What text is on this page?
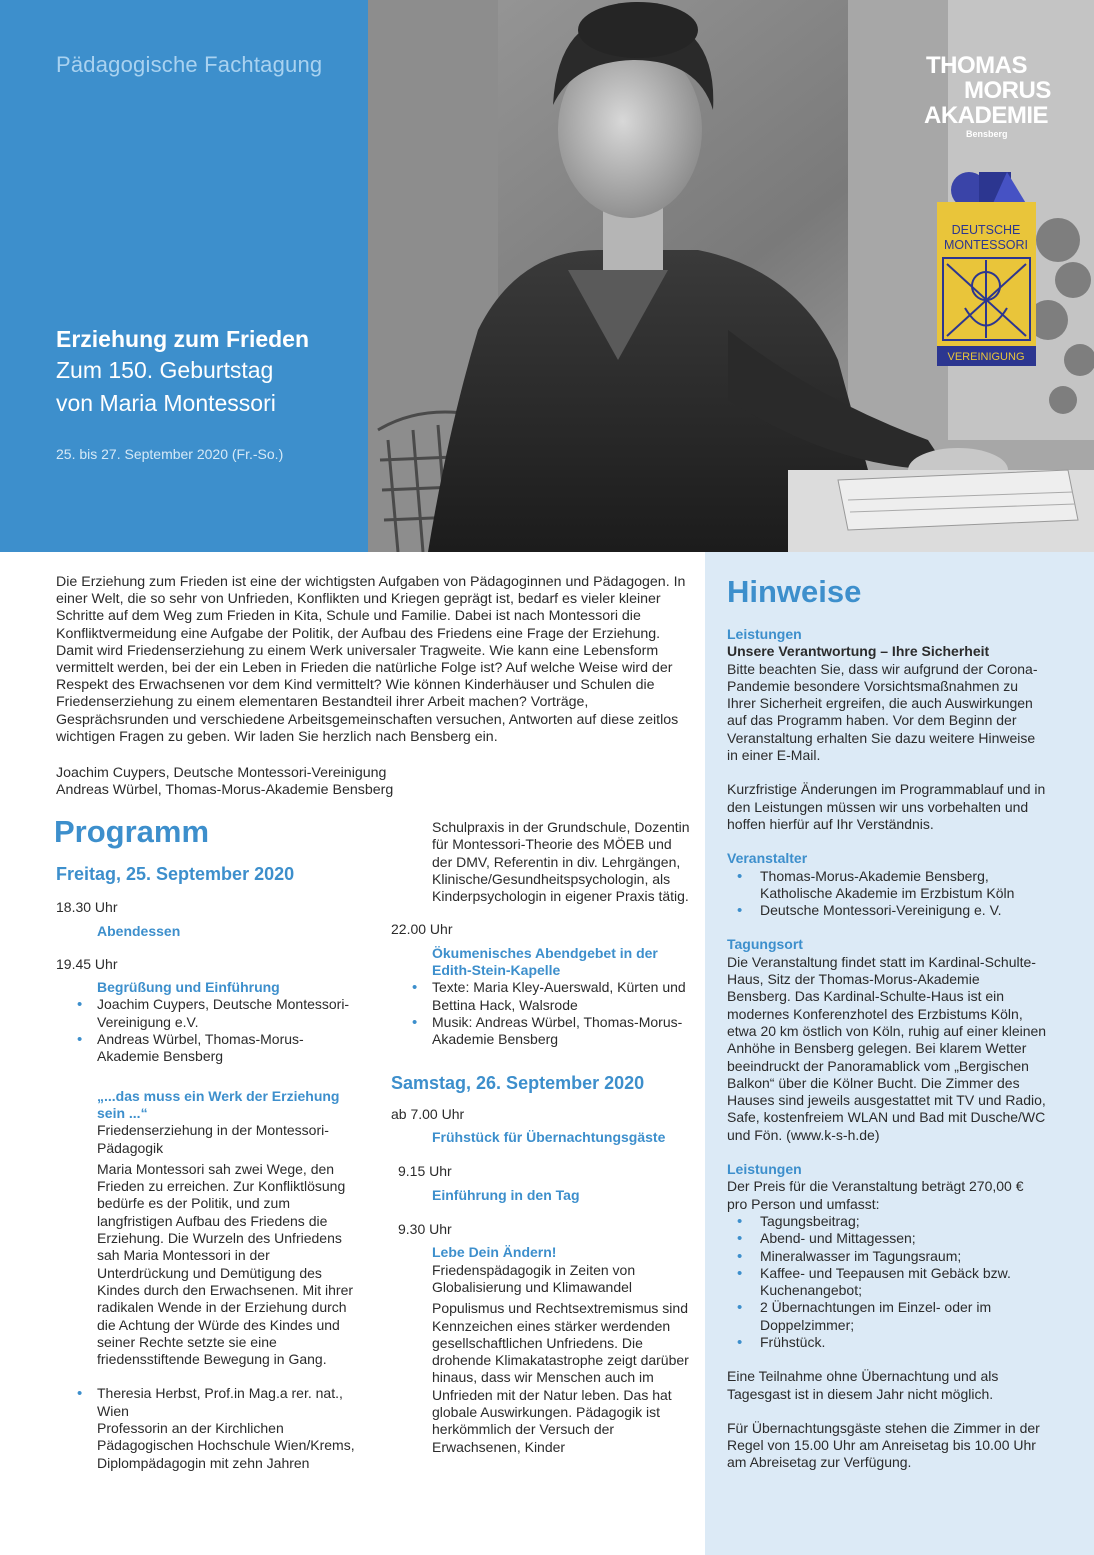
Pädagogische Fachtagung
Erziehung zum Frieden
Zum 150. Geburtstag
von Maria Montessori
25. bis 27. September 2020 (Fr.-So.)
THOMAS
MORUS
AKADEMIE
Bensberg
DEUTSCHE
MONTESSORI
VEREINIGUNG
Die Erziehung zum Frieden ist eine der wichtigsten Aufgaben von Pädagoginnen und Pädagogen. In einer Welt, die so sehr von Unfrieden, Konflikten und Kriegen geprägt ist, bedarf es vieler kleiner Schritte auf dem Weg zum Frieden in Kita, Schule und Familie. Dabei ist nach Montessori die Konfliktvermeidung eine Aufgabe der Politik, der Aufbau des Friedens eine Frage der Erziehung. Damit wird Friedenserziehung zu einem Werk universaler Tragweite. Wie kann eine Lebensform vermittelt werden, bei der ein Leben in Frieden die natürliche Folge ist? Auf welche Weise wird der Respekt des Erwachsenen vor dem Kind vermittelt? Wie können Kinderhäuser und Schulen die Friedenserziehung zu einem elementaren Bestandteil ihrer Arbeit machen? Vorträge, Gesprächsrunden und verschiedene Arbeitsgemeinschaften versuchen, Antworten auf diese zeitlos wichtigen Fragen zu geben. Wir laden Sie herzlich nach Bensberg ein.
Joachim Cuypers, Deutsche Montessori-Vereinigung
Andreas Würbel, Thomas-Morus-Akademie Bensberg
Programm
Freitag, 25. September 2020
18.30 Uhr
Abendessen
19.45 Uhr
Begrüßung und Einführung
• Joachim Cuypers, Deutsche Montessori-Vereinigung e.V.
• Andreas Würbel, Thomas-Morus-Akademie Bensberg
„...das muss ein Werk der Erziehung sein ...“
Friedenserziehung in der Montessori-Pädagogik
Maria Montessori sah zwei Wege, den Frieden zu erreichen. Zur Konfliktlösung bedürfe es der Politik, und zum langfristigen Aufbau des Friedens die Erziehung. Die Wurzeln des Unfriedens sah Maria Montessori in der Unterdrückung und Demütigung des Kindes durch den Erwachsenen. Mit ihrer radikalen Wende in der Erziehung durch die Achtung der Würde des Kindes und seiner Rechte setzte sie eine friedensstiftende Bewegung in Gang.
• Theresia Herbst, Prof.in Mag.a rer. nat., Wien
Professorin an der Kirchlichen Pädagogischen Hochschule Wien/Krems, Diplompädagogin mit zehn Jahren
Schulpraxis in der Grundschule, Dozentin für Montessori-Theorie des MÖEB und der DMV, Referentin in div. Lehrgängen, Klinische/Gesundheitspsychologin, als Kinderpsychologin in eigener Praxis tätig.
22.00 Uhr
Ökumenisches Abendgebet in der Edith-Stein-Kapelle
• Texte: Maria Kley-Auerswald, Kürten und Bettina Hack, Walsrode
• Musik: Andreas Würbel, Thomas-Morus-Akademie Bensberg
Samstag, 26. September 2020
ab 7.00 Uhr
Frühstück für Übernachtungsgäste
9.15 Uhr
Einführung in den Tag
9.30 Uhr
Lebe Dein Ändern!
Friedenspädagogik in Zeiten von Globalisierung und Klimawandel
Populismus und Rechtsextremismus sind Kennzeichen eines stärker werdenden gesellschaftlichen Unfriedens. Die drohende Klimakatastrophe zeigt darüber hinaus, dass wir Menschen auch im Unfrieden mit der Natur leben. Das hat globale Auswirkungen. Pädagogik ist herkömmlich der Versuch der Erwachsenen, Kinder
Hinweise
Leistungen
Unsere Verantwortung – Ihre Sicherheit
Bitte beachten Sie, dass wir aufgrund der Corona-Pandemie besondere Vorsichtsmaßnahmen zu Ihrer Sicherheit ergreifen, die auch Auswirkungen auf das Programm haben. Vor dem Beginn der Veranstaltung erhalten Sie dazu weitere Hinweise in einer E-Mail.
Kurzfristige Änderungen im Programmablauf und in den Leistungen müssen wir uns vorbehalten und hoffen hierfür auf Ihr Verständnis.
Veranstalter
• Thomas-Morus-Akademie Bensberg, Katholische Akademie im Erzbistum Köln
• Deutsche Montessori-Vereinigung e. V.
Tagungsort
Die Veranstaltung findet statt im Kardinal-Schulte-Haus, Sitz der Thomas-Morus-Akademie Bensberg. Das Kardinal-Schulte-Haus ist ein modernes Konferenzhotel des Erzbistums Köln, etwa 20 km östlich von Köln, ruhig auf einer kleinen Anhöhe in Bensberg gelegen. Bei klarem Wetter beeindruckt der Panoramablick vom „Bergischen Balkon“ über die Kölner Bucht. Die Zimmer des Hauses sind jeweils ausgestattet mit TV und Radio, Safe, kostenfreiem WLAN und Bad mit Dusche/WC und Fön. (www.k-s-h.de)
Leistungen
Der Preis für die Veranstaltung beträgt 270,00 € pro Person und umfasst:
• Tagungsbeitrag;
• Abend- und Mittagessen;
• Mineralwasser im Tagungsraum;
• Kaffee- und Teepausen mit Gebäck bzw. Kuchenangebot;
• 2 Übernachtungen im Einzel- oder im Doppelzimmer;
• Frühstück.
Eine Teilnahme ohne Übernachtung und als Tagesgast ist in diesem Jahr nicht möglich.
Für Übernachtungsgäste stehen die Zimmer in der Regel von 15.00 Uhr am Anreisetag bis 10.00 Uhr am Abreisetag zur Verfügung.
